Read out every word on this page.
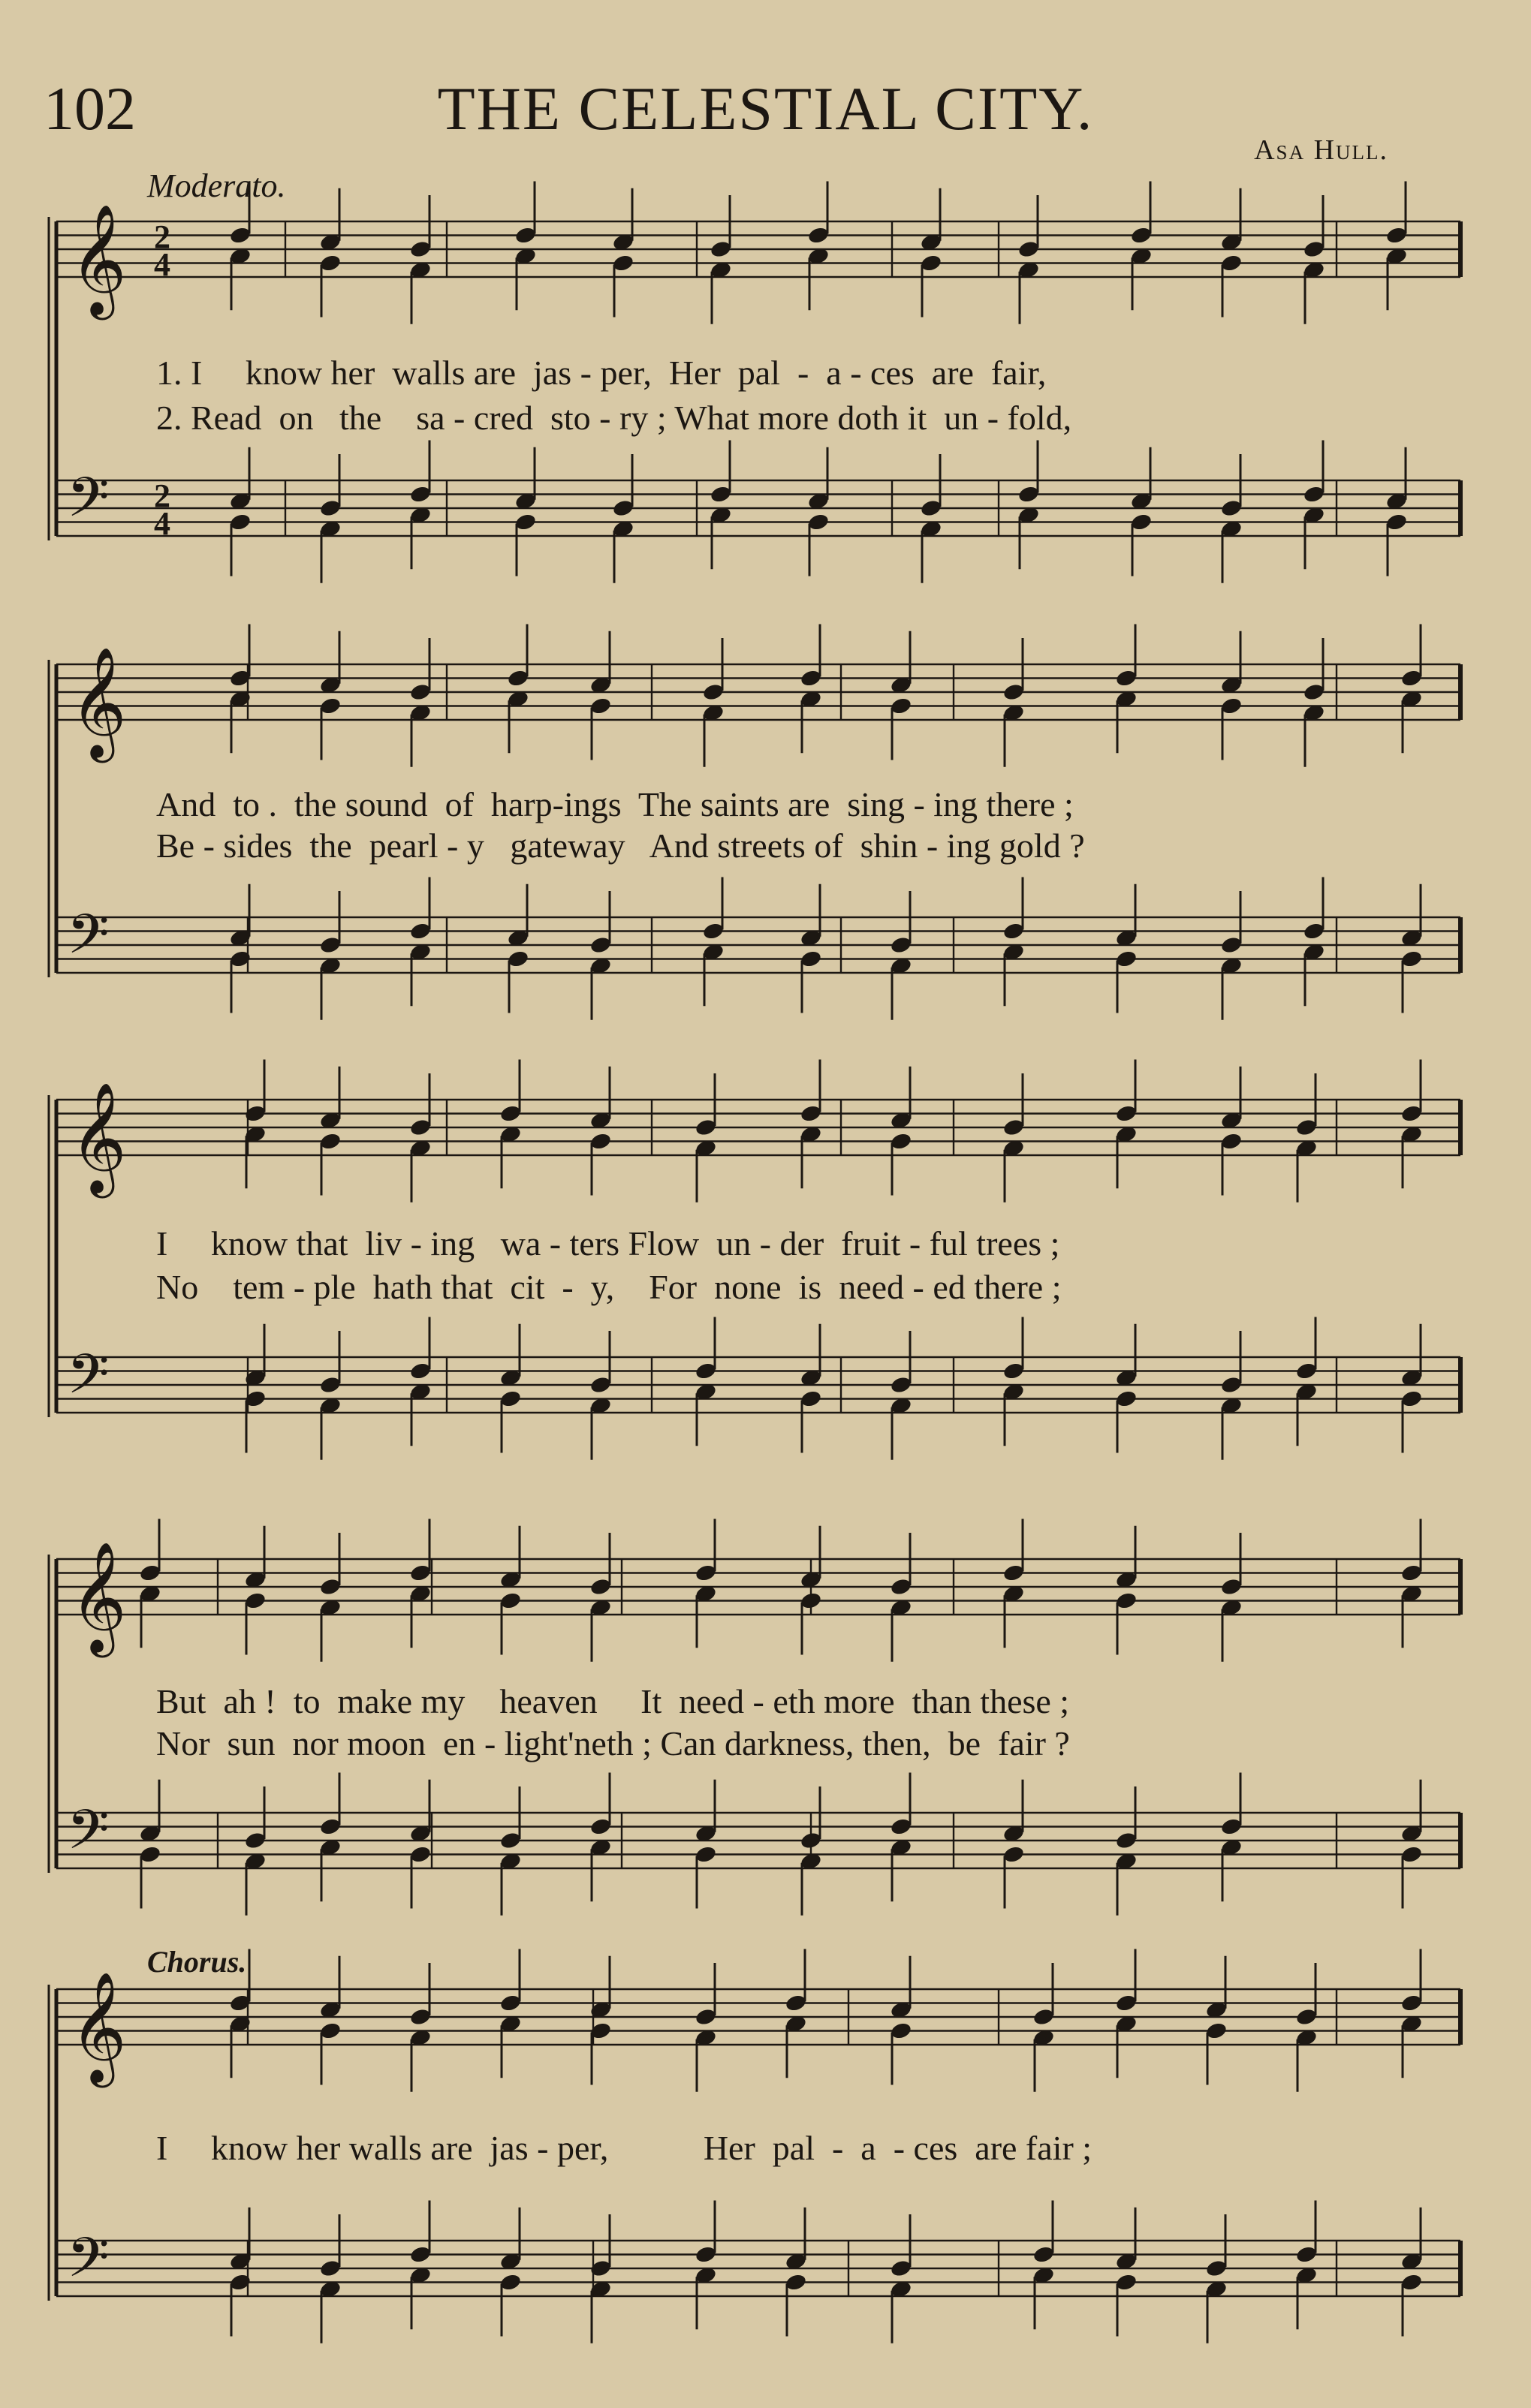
102	THE CELESTIAL CITY.
Asa Hull.
Moderato.
Chorus.
𝄞
𝄢
2
4
2
4
𝄞
𝄢
𝄞
𝄢
𝄞
𝄢
𝄞
𝄢
1. I     know her  walls are  jas - per,  Her  pal  -  a - ces  are  fair,
2. Read  on   the    sa - cred  sto - ry ; What more doth it  un - fold,
And  to .  the sound  of  harp-ings  The saints are  sing - ing there ;
Be - sides  the  pearl - y   gateway   And streets of  shin - ing gold ?
I     know that  liv - ing   wa - ters Flow  un - der  fruit - ful trees ;
No    tem - ple  hath that  cit  -  y,    For  none  is  need - ed there ;
But  ah !  to  make my    heaven     It  need - eth more  than these ;
Nor  sun  nor moon  en - light'neth ; Can darkness, then,  be  fair ?
I     know her walls are  jas - per,           Her  pal  -  a  - ces  are fair ;
